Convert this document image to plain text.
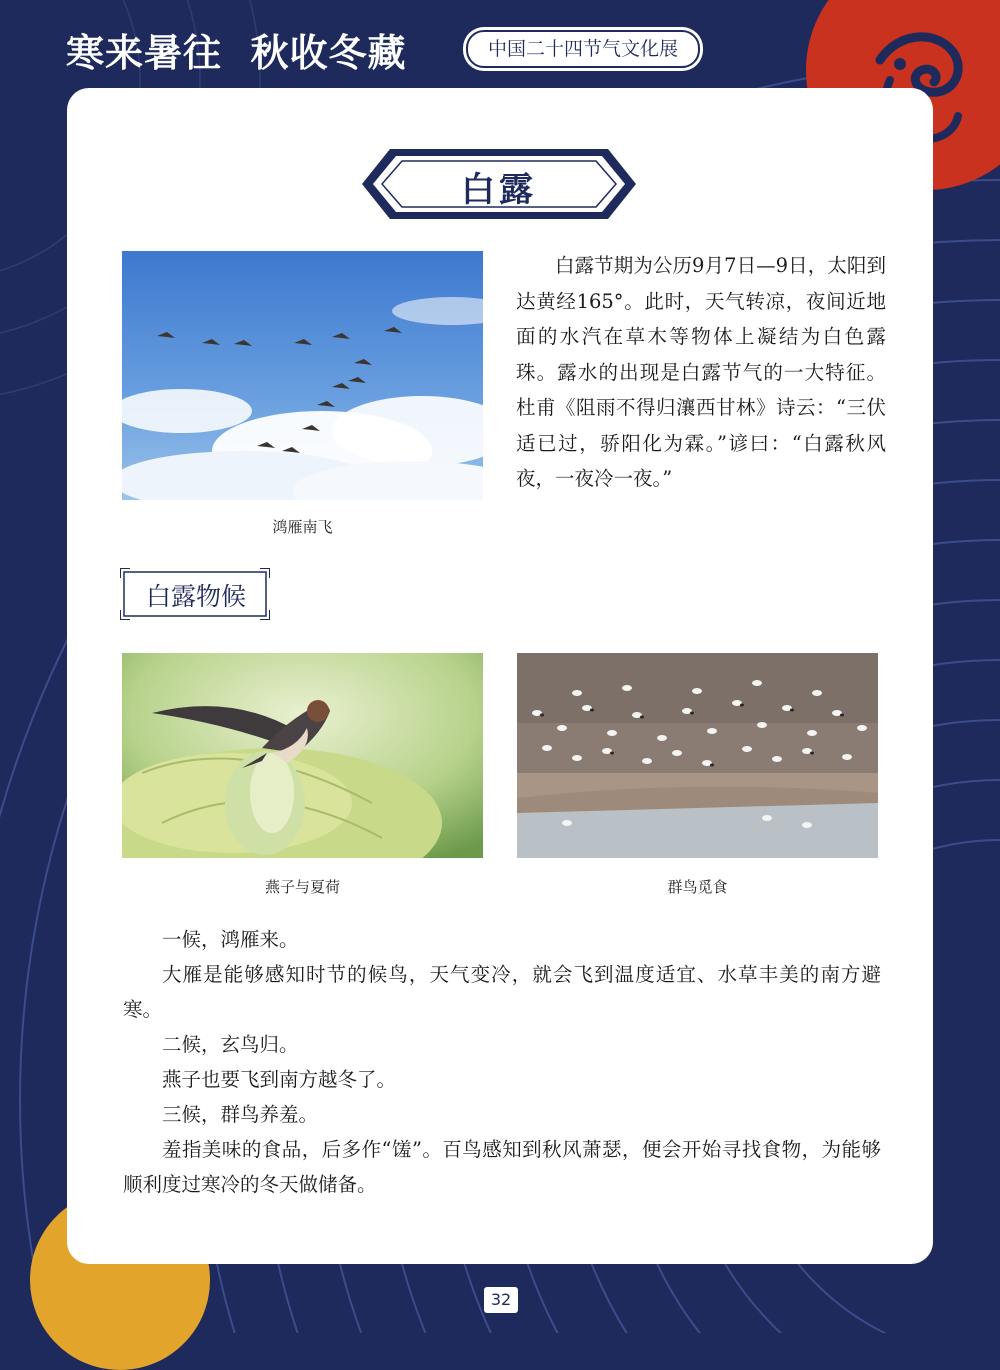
寒来暑往  秋收冬藏	中国二十四节气文化展
白露
鸿雁南飞

白露节期为公历9月7日—9日，太阳到达黄经165°。此时，天气转凉，夜间近地面的水汽在草木等物体上凝结为白色露珠。露水的出现是白露节气的一大特征。杜甫《阻雨不得归瀼西甘林》诗云：“三伏适已过，骄阳化为霖。”谚曰：“白露秋风夜，一夜冷一夜。”

白露物候
燕子与夏荷	群鸟觅食

一候，鸿雁来。

大雁是能够感知时节的候鸟，天气变冷，就会飞到温度适宜、水草丰美的南方避寒。

二候，玄鸟归。

燕子也要飞到南方越冬了。

三候，群鸟养羞。

羞指美味的食品，后多作“馐”。百鸟感知到秋风萧瑟，便会开始寻找食物，为能够顺利度过寒冷的冬天做储备。

32
